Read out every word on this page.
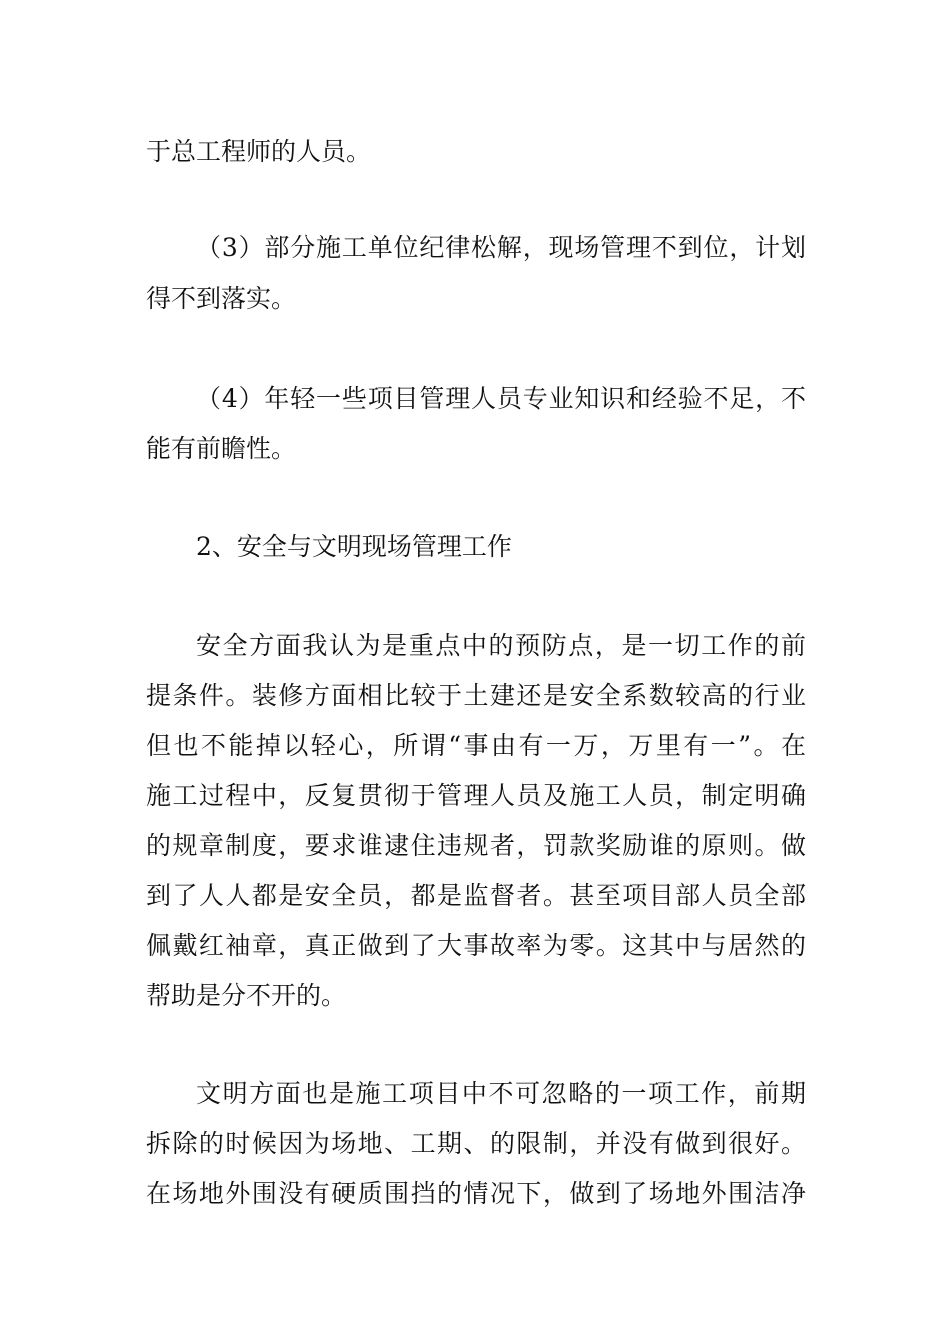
于总工程师的人员。
（3）部分施工单位纪律松解，现场管理不到位，计划
得不到落实。
（4）年轻一些项目管理人员专业知识和经验不足，不
能有前瞻性。
2、安全与文明现场管理工作
安全方面我认为是重点中的预防点，是一切工作的前
提条件。装修方面相比较于土建还是安全系数较高的行业
但也不能掉以轻心，所谓“事由有一万，万里有一”。在
施工过程中，反复贯彻于管理人员及施工人员，制定明确
的规章制度，要求谁逮住违规者，罚款奖励谁的原则。做
到了人人都是安全员，都是监督者。甚至项目部人员全部
佩戴红袖章，真正做到了大事故率为零。这其中与居然的
帮助是分不开的。
文明方面也是施工项目中不可忽略的一项工作，前期
拆除的时候因为场地、工期、的限制，并没有做到很好。
在场地外围没有硬质围挡的情况下，做到了场地外围洁净
